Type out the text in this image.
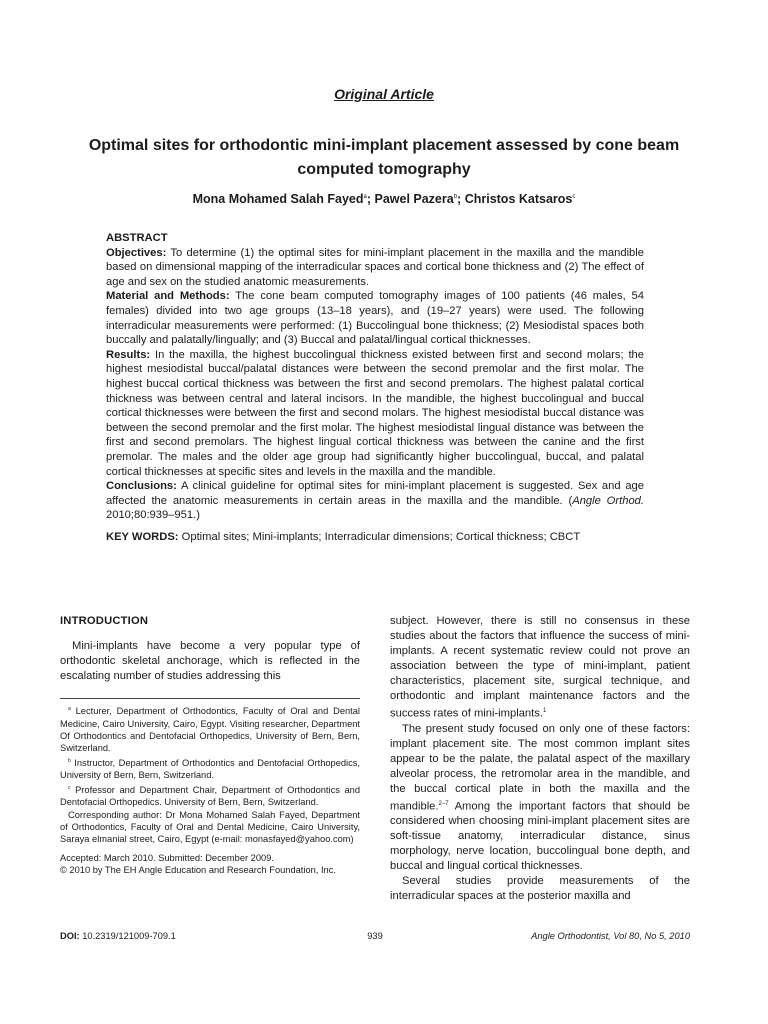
Original Article
Optimal sites for orthodontic mini-implant placement assessed by cone beam computed tomography
Mona Mohamed Salah Fayed$^a$; Pawel Pazera$^b$; Christos Katsaros$^c$

ABSTRACT

Objectives: To determine (1) the optimal sites for mini-implant placement in the maxilla and the mandible based on dimensional mapping of the interradicular spaces and cortical bone thickness and (2) The effect of age and sex on the studied anatomic measurements.

Material and Methods: The cone beam computed tomography images of 100 patients (46 males, 54 females) divided into two age groups (13–18 years), and (19–27 years) were used. The following interradicular measurements were performed: (1) Buccolingual bone thickness; (2) Mesiodistal spaces both buccally and palatally/lingually; and (3) Buccal and palatal/lingual cortical thicknesses.

Results: In the maxilla, the highest buccolingual thickness existed between first and second molars; the highest mesiodistal buccal/palatal distances were between the second premolar and the first molar. The highest buccal cortical thickness was between the first and second premolars. The highest palatal cortical thickness was between central and lateral incisors. In the mandible, the highest buccolingual and buccal cortical thicknesses were between the first and second molars. The highest mesiodistal buccal distance was between the second premolar and the first molar. The highest mesiodistal lingual distance was between the first and second premolars. The highest lingual cortical thickness was between the canine and the first premolar. The males and the older age group had significantly higher buccolingual, buccal, and palatal cortical thicknesses at specific sites and levels in the maxilla and the mandible.

Conclusions: A clinical guideline for optimal sites for mini-implant placement is suggested. Sex and age affected the anatomic measurements in certain areas in the maxilla and the mandible. (Angle Orthod. 2010;80:939–951.)

KEY WORDS: Optimal sites; Mini-implants; Interradicular dimensions; Cortical thickness; CBCT

INTRODUCTION

Mini-implants have become a very popular type of orthodontic skeletal anchorage, which is reflected in the escalating number of studies addressing this

$^a$ Lecturer, Department of Orthodontics, Faculty of Oral and Dental Medicine, Cairo University, Cairo, Egypt. Visiting researcher, Department Of Orthodontics and Dentofacial Orthopedics, University of Bern, Bern, Switzerland.

$^b$ Instructor, Department of Orthodontics and Dentofacial Orthopedics, University of Bern, Bern, Switzerland.

$^c$ Professor and Department Chair, Department of Orthodontics and Dentofacial Orthopedics. University of Bern, Bern, Switzerland.

Corresponding author: Dr Mona Mohamed Salah Fayed, Department of Orthodontics, Faculty of Oral and Dental Medicine, Cairo University, Saraya elmanial street, Cairo, Egypt (e-mail: monasfayed@yahoo.com)

Accepted: March 2010. Submitted: December 2009.

© 2010 by The EH Angle Education and Research Foundation, Inc.

subject. However, there is still no consensus in these studies about the factors that influence the success of mini-implants. A recent systematic review could not prove an association between the type of mini-implant, patient characteristics, placement site, surgical technique, and orthodontic and implant maintenance factors and the success rates of mini-implants.$^1$

The present study focused on only one of these factors: implant placement site. The most common implant sites appear to be the palate, the palatal aspect of the maxillary alveolar process, the retromolar area in the mandible, and the buccal cortical plate in both the maxilla and the mandible.$^{2-7}$ Among the important factors that should be considered when choosing mini-implant placement sites are soft-tissue anatomy, interradicular distance, sinus morphology, nerve location, buccolingual bone depth, and buccal and lingual cortical thicknesses.

Several studies provide measurements of the interradicular spaces at the posterior maxilla and

DOI: 10.2319/121009-709.1	939	Angle Orthodontist, Vol 80, No 5, 2010
